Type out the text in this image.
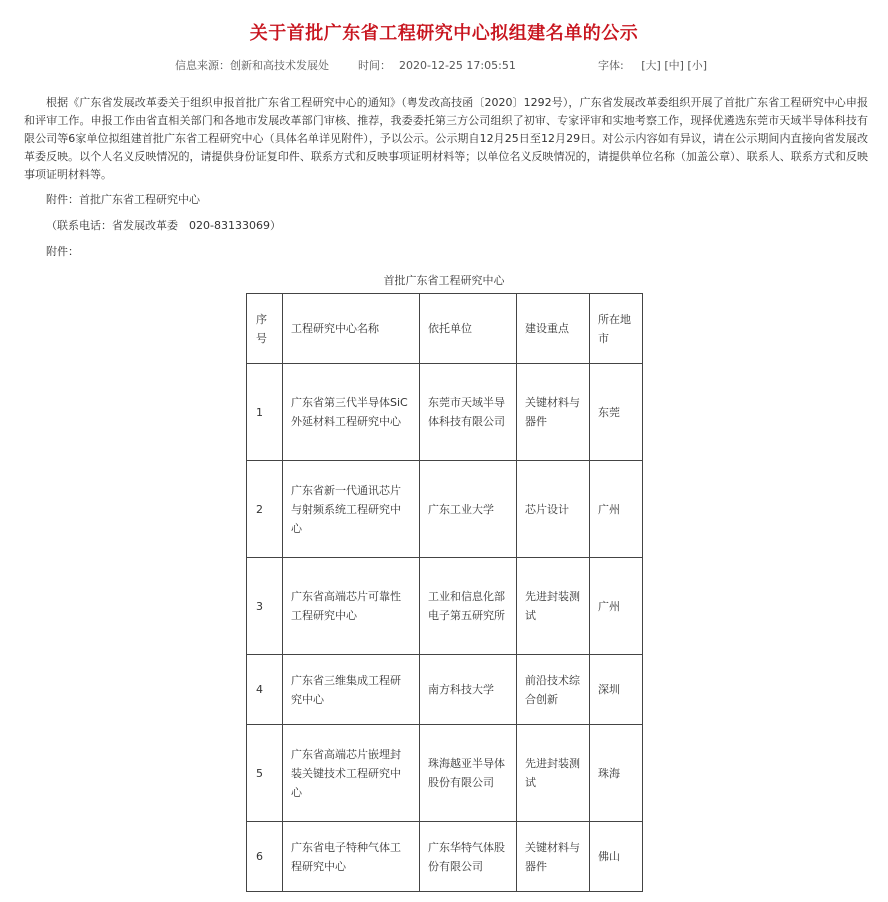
关于首批广东省工程研究中心拟组建名单的公示
信息来源：创新和高技术发展处	时间： 2020-12-25 17:05:51	字体: [大] [中] [小]

根据《广东省发展改革委关于组织申报首批广东省工程研究中心的通知》（粤发改高技函〔2020〕1292号），广东省发展改革委组织开展了首批广东省工程研究中心申报和评审工作。申报工作由省直相关部门和各地市发展改革部门审核、推荐，我委委托第三方公司组织了初审、专家评审和实地考察工作，现择优遴选东莞市天域半导体科技有限公司等6家单位拟组建首批广东省工程研究中心（具体名单详见附件），予以公示。公示期自12月25日至12月29日。对公示内容如有异议，请在公示期间内直接向省发展改革委反映。以个人名义反映情况的，请提供身份证复印件、联系方式和反映事项证明材料等；以单位名义反映情况的，请提供单位名称（加盖公章）、联系人、联系方式和反映事项证明材料等。

附件：首批广东省工程研究中心
（联系电话：省发展改革委　020-83133069）
附件：
首批广东省工程研究中心
序号	工程研究中心名称	依托单位	建设重点	所在地市
1	广东省第三代半导体SiC外延材料工程研究中心	东莞市天域半导体科技有限公司	关键材料与器件	东莞
2	广东省新一代通讯芯片与射频系统工程研究中心	广东工业大学	芯片设计	广州
3	广东省高端芯片可靠性工程研究中心	工业和信息化部电子第五研究所	先进封装测试	广州
4	广东省三维集成工程研究中心	南方科技大学	前沿技术综合创新	深圳
5	广东省高端芯片嵌埋封装关键技术工程研究中心	珠海越亚半导体股份有限公司	先进封装测试	珠海
6	广东省电子特种气体工程研究中心	广东华特气体股份有限公司	关键材料与器件	佛山
